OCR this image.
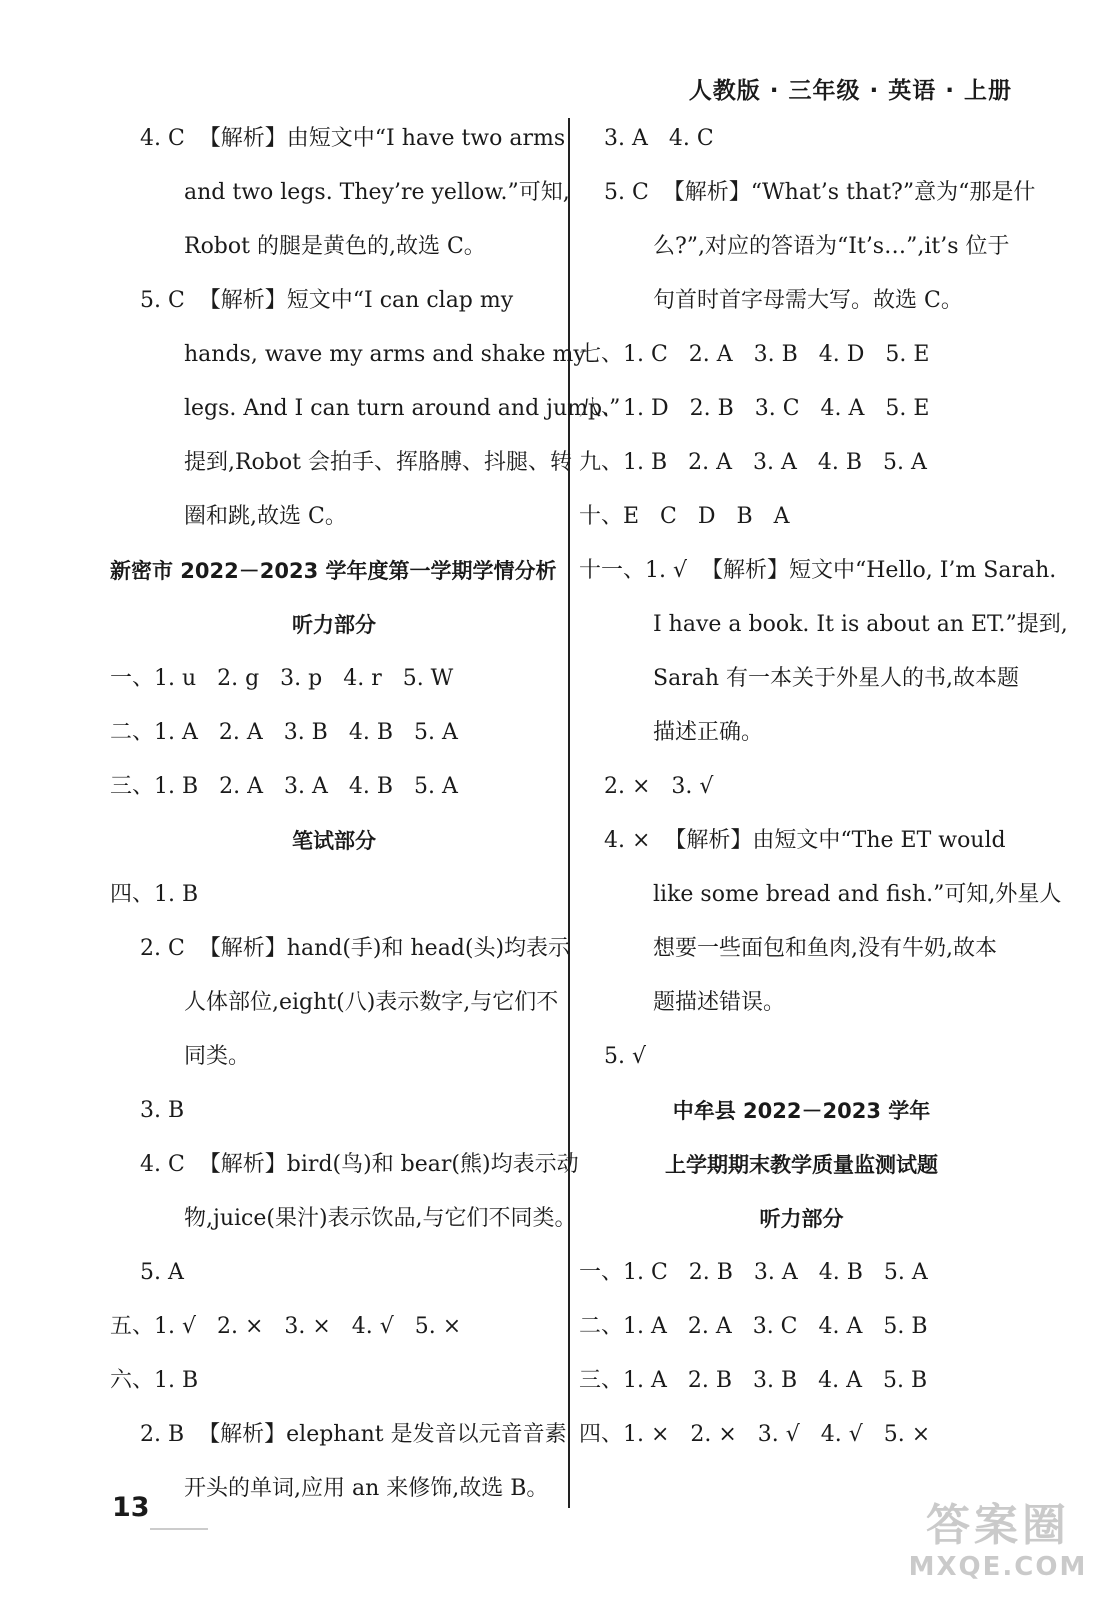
人教版 · 三年级 · 英语 · 上册
4. C  【解析】由短文中“I have two arms
and two legs. They’re yellow.”可知,
Robot 的腿是黄色的,故选 C。
5. C  【解析】短文中“I can clap my
hands, wave my arms and shake my
legs. And I can turn around and jump.”
提到,Robot 会拍手、挥胳膊、抖腿、转
圈和跳,故选 C。
新密市 2022－2023 学年度第一学期学情分析
听力部分
一、1. u   2. g   3. p   4. r   5. W
二、1. A   2. A   3. B   4. B   5. A
三、1. B   2. A   3. A   4. B   5. A
笔试部分
四、1. B
2. C  【解析】hand(手)和 head(头)均表示
人体部位,eight(八)表示数字,与它们不
同类。
3. B
4. C  【解析】bird(鸟)和 bear(熊)均表示动
物,juice(果汁)表示饮品,与它们不同类。
5. A
五、1. √   2. ×   3. ×   4. √   5. ×
六、1. B
2. B  【解析】elephant 是发音以元音音素
开头的单词,应用 an 来修饰,故选 B。
3. A   4. C
5. C  【解析】“What’s that?”意为“那是什
么?”,对应的答语为“It’s…”,it’s 位于
句首时首字母需大写。故选 C。
七、1. C   2. A   3. B   4. D   5. E
八、1. D   2. B   3. C   4. A   5. E
九、1. B   2. A   3. A   4. B   5. A
十、E   C   D   B   A
十一、1. √  【解析】短文中“Hello, I’m Sarah.
I have a book. It is about an ET.”提到,
Sarah 有一本关于外星人的书,故本题
描述正确。
2. ×   3. √
4. ×  【解析】由短文中“The ET would
like some bread and fish.”可知,外星人
想要一些面包和鱼肉,没有牛奶,故本
题描述错误。
5. √
中牟县 2022－2023 学年
上学期期末教学质量监测试题
听力部分
一、1. C   2. B   3. A   4. B   5. A
二、1. A   2. A   3. C   4. A   5. B
三、1. A   2. B   3. B   4. A   5. B
四、1. ×   2. ×   3. √   4. √   5. ×
13	答案圈
MXQE.COM
